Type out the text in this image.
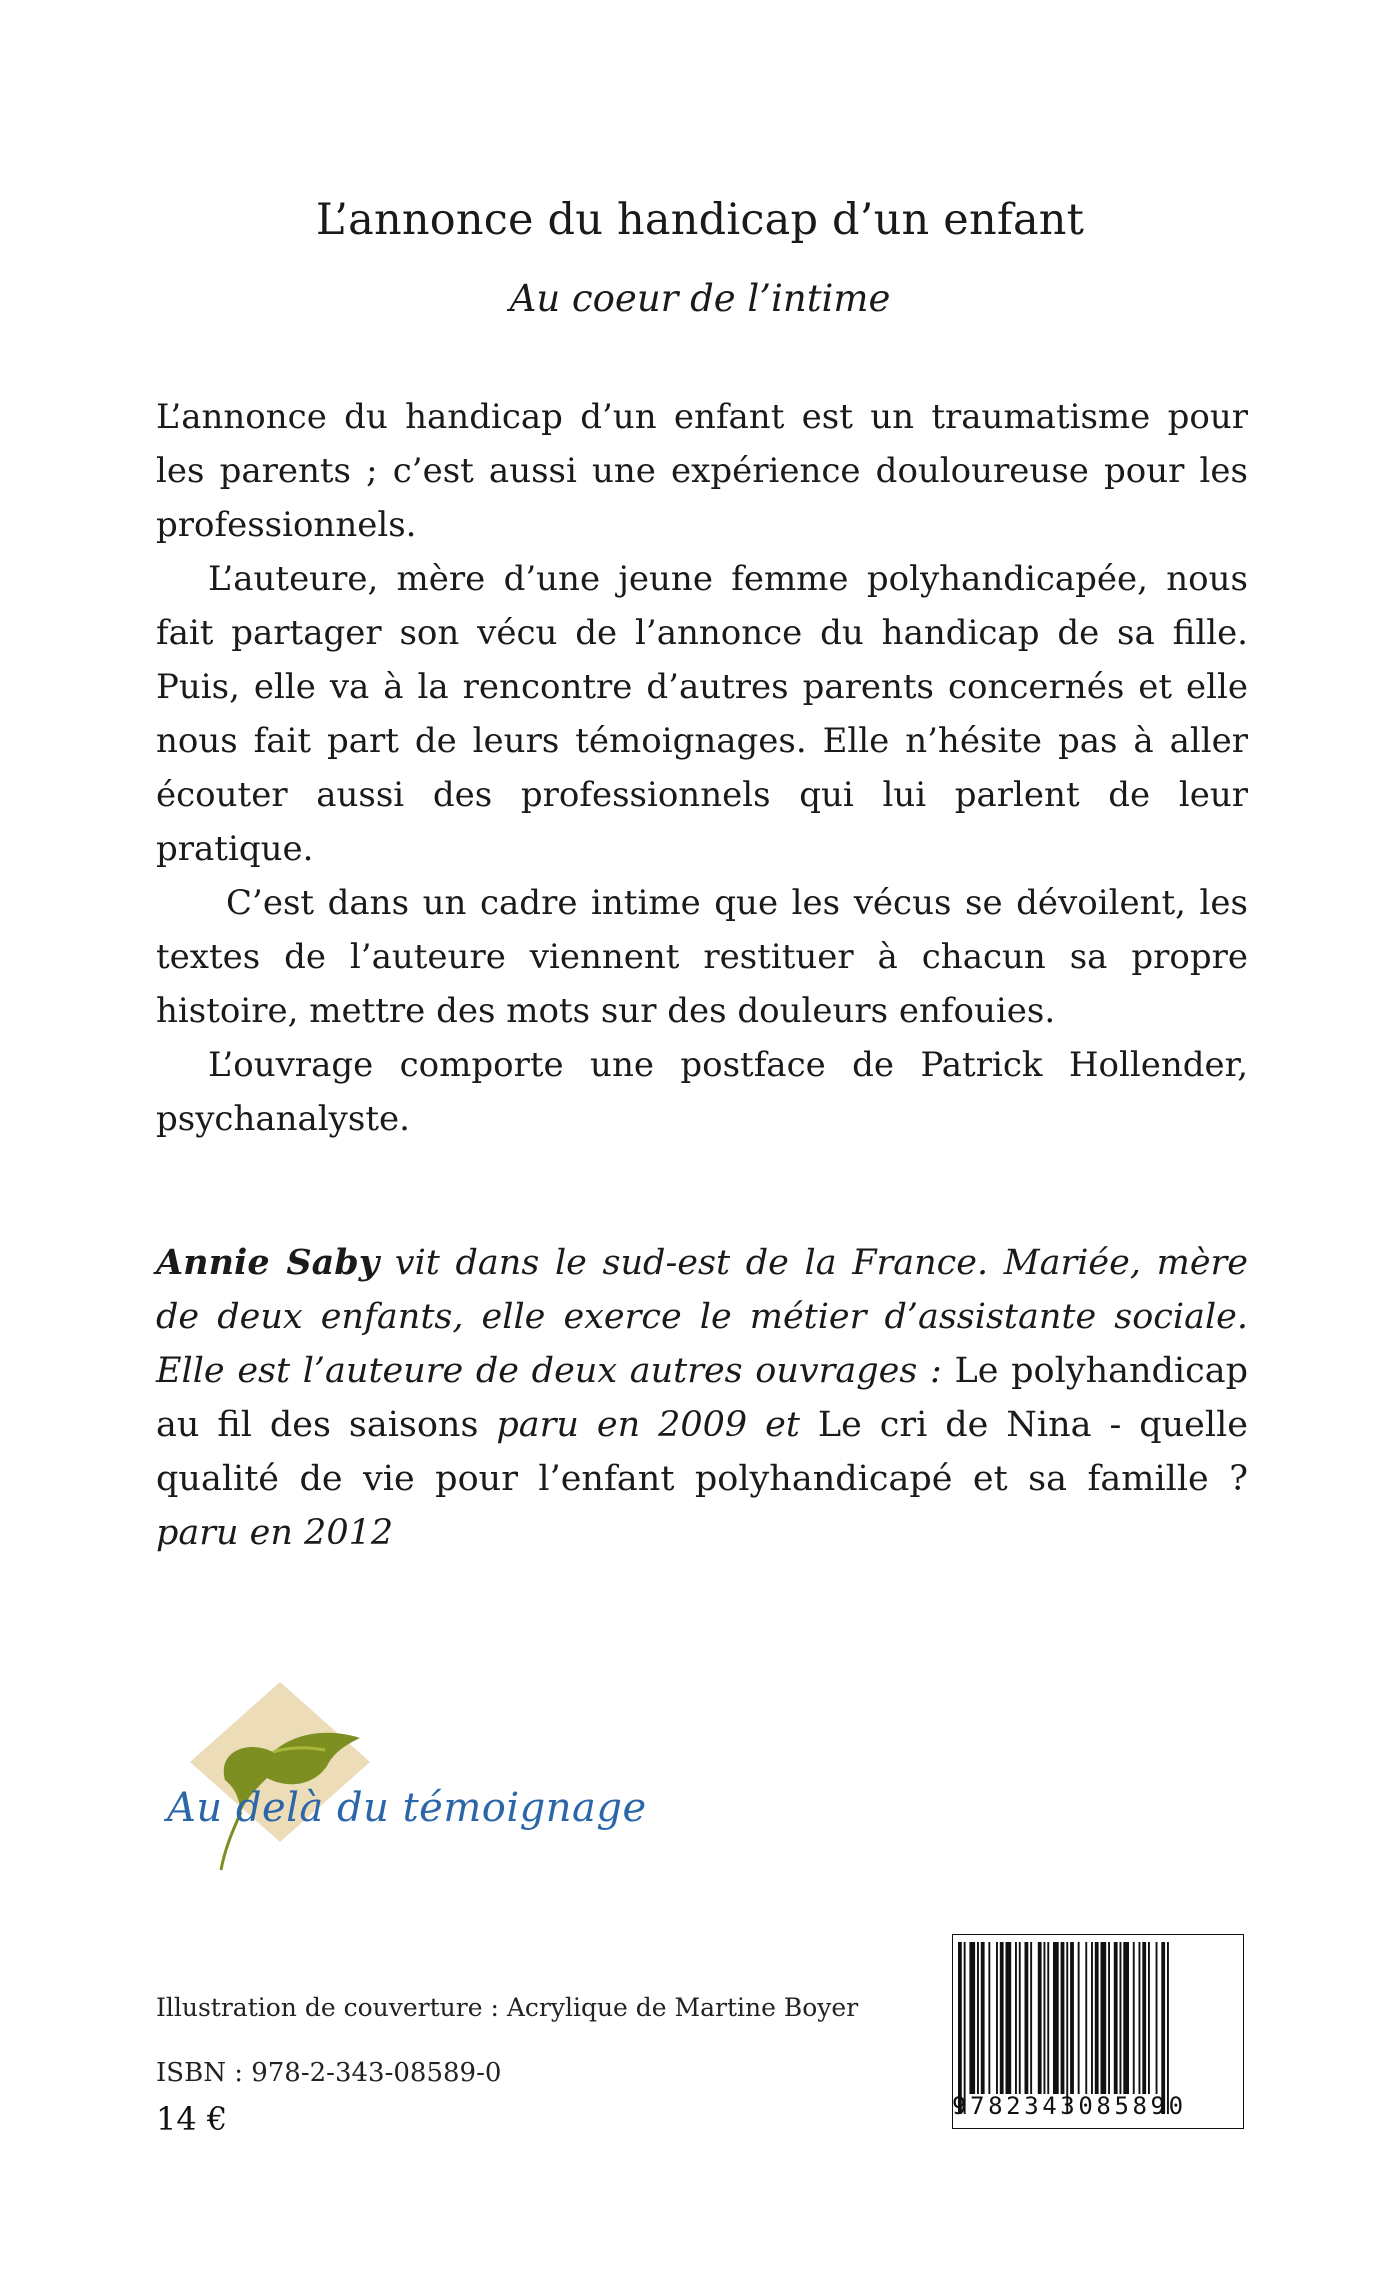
L’annonce du handicap d’un enfant
Au coeur de l’intime

L’annonce du handicap d’un enfant est un traumatisme pour les parents ; c’est aussi une expérience douloureuse pour les professionnels.

L’auteure, mère d’une jeune femme polyhandicapée, nous fait partager son vécu de l’annonce du handicap de sa fille. Puis, elle va à la rencontre d’autres parents concernés et elle nous fait part de leurs témoignages. Elle n’hésite pas à aller écouter aussi des professionnels qui lui parlent de leur pratique.

C’est dans un cadre intime que les vécus se dévoilent, les textes de l’auteure viennent restituer à chacun sa propre histoire, mettre des mots sur des douleurs enfouies.

L’ouvrage comporte une postface de Patrick Hollender, psychanalyste.

Annie Saby vit dans le sud-est de la France. Mariée, mère de deux enfants, elle exerce le métier d’assistante sociale. Elle est l’auteure de deux autres ouvrages : Le polyhandicap au fil des saisons paru en 2009 et Le cri de Nina - quelle qualité de vie pour l’enfant polyhandicapé et sa famille ? paru en 2012

Au delà du témoignage

Illustration de couverture : Acrylique de Martine Boyer

ISBN : 978-2-343-08589-0

14 €	9782343085890
